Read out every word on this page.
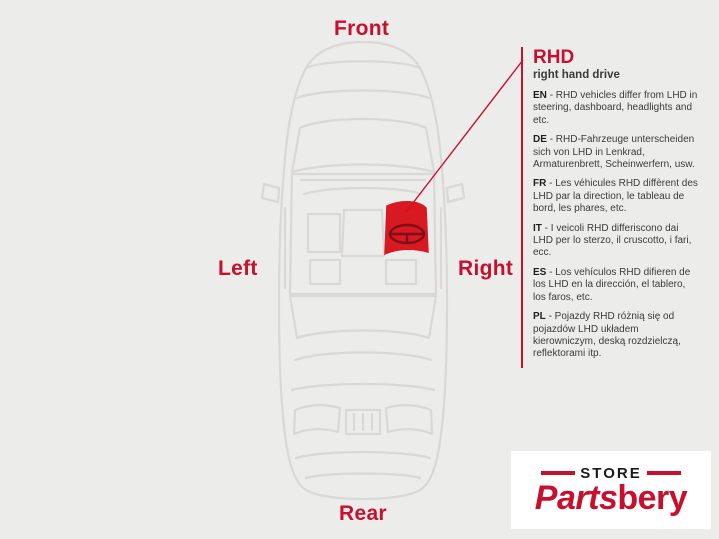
Front
Rear
Left	Right
RHD
right hand drive
EN - RHD vehicles differ from LHD in steering, dashboard, headlights and etc.
DE - RHD-Fahrzeuge unterscheiden sich von LHD in Lenkrad, Armaturenbrett, Scheinwerfern, usw.
FR - Les véhicules RHD diffèrent des LHD par la direction, le tableau de bord, les phares, etc.
IT - I veicoli RHD differiscono dai LHD per lo sterzo, il cruscotto, i fari, ecc.
ES - Los vehículos RHD difieren de los LHD en la dirección, el tablero, los faros, etc.
PL - Pojazdy RHD różnią się od pojazdów LHD układem kierowniczym, deską rozdzielczą, reflektorami itp.
STORE
Partsbery
